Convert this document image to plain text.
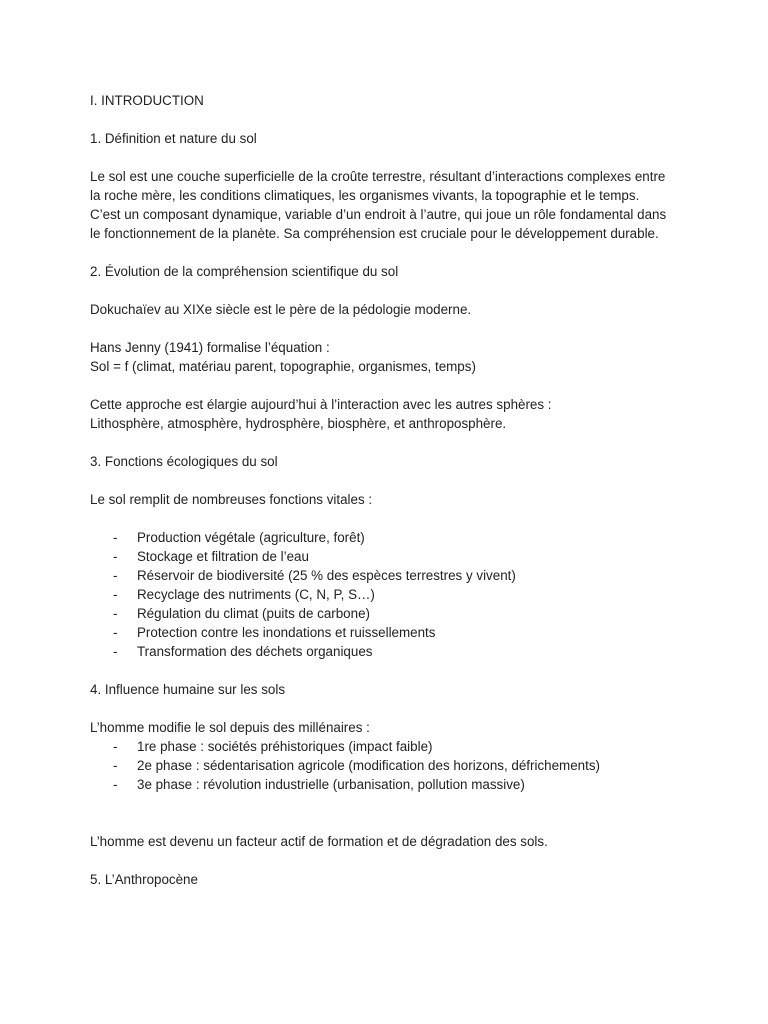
I. INTRODUCTION

1. Définition et nature du sol

Le sol est une couche superficielle de la croûte terrestre, résultant d’interactions complexes entre la roche mère, les conditions climatiques, les organismes vivants, la topographie et le temps.

C’est un composant dynamique, variable d’un endroit à l’autre, qui joue un rôle fondamental dans le fonctionnement de la planète. Sa compréhension est cruciale pour le développement durable.

2. Évolution de la compréhension scientifique du sol

Dokuchaïev au XIXe siècle est le père de la pédologie moderne.

Hans Jenny (1941) formalise l’équation :

Sol = f (climat, matériau parent, topographie, organismes, temps)

Cette approche est élargie aujourd’hui à l’interaction avec les autres sphères :

Lithosphère, atmosphère, hydrosphère, biosphère, et anthroposphère.

3. Fonctions écologiques du sol

Le sol remplit de nombreuses fonctions vitales :

- Production végétale (agriculture, forêt)
- Stockage et filtration de l’eau
- Réservoir de biodiversité (25 % des espèces terrestres y vivent)
- Recyclage des nutriments (C, N, P, S…)
- Régulation du climat (puits de carbone)
- Protection contre les inondations et ruissellements
- Transformation des déchets organiques

4. Influence humaine sur les sols

L’homme modifie le sol depuis des millénaires :

- 1re phase : sociétés préhistoriques (impact faible)
- 2e phase : sédentarisation agricole (modification des horizons, défrichements)
- 3e phase : révolution industrielle (urbanisation, pollution massive)

L’homme est devenu un facteur actif de formation et de dégradation des sols.

5. L’Anthropocène
